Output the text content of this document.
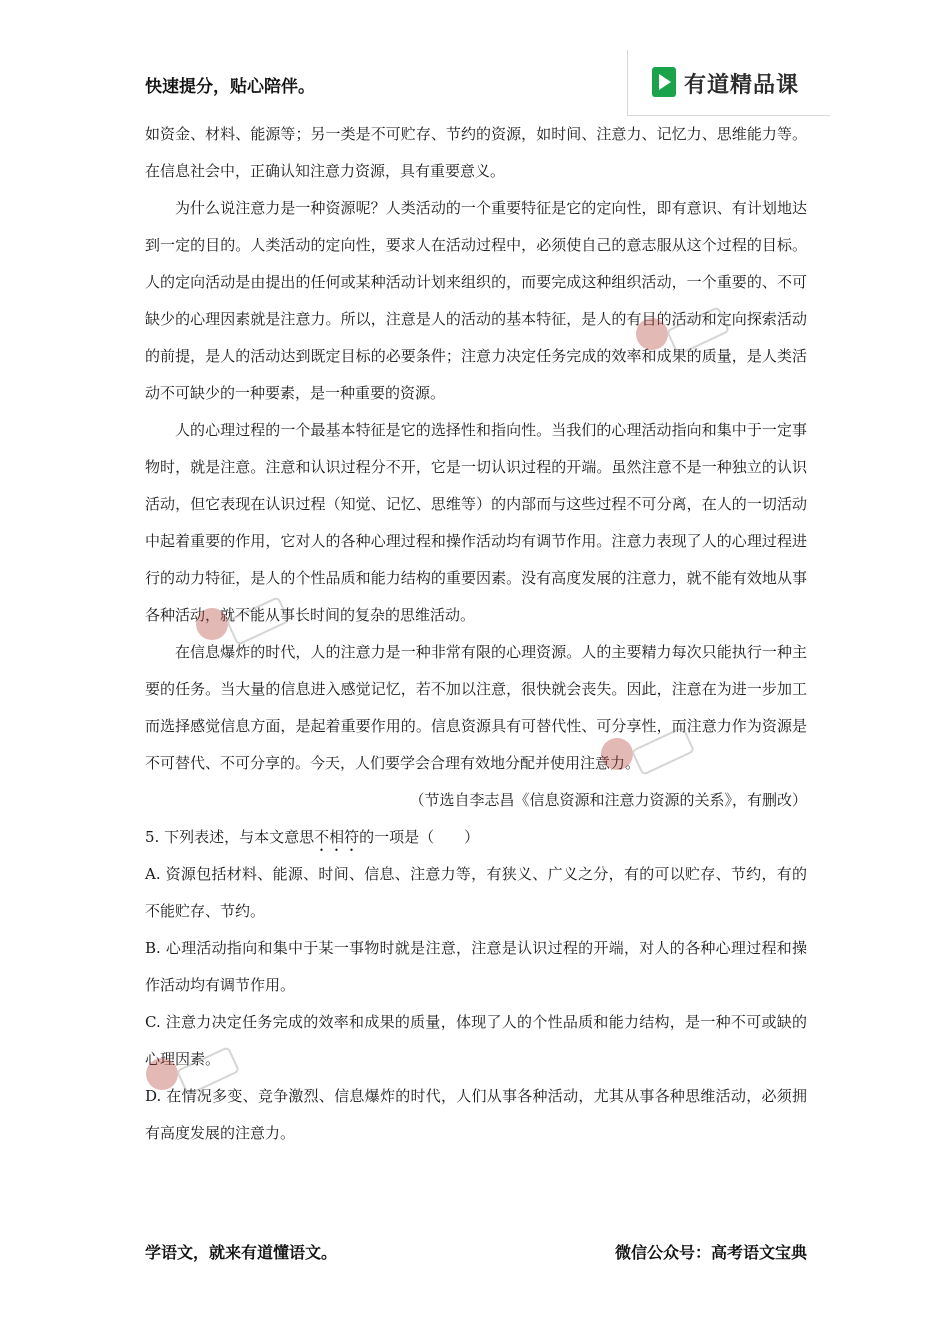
快速提分，贴心陪伴。	有道精品课

如资金、材料、能源等；另一类是不可贮存、节约的资源，如时间、注意力、记忆力、思维能力等。在信息社会中，正确认知注意力资源，具有重要意义。

为什么说注意力是一种资源呢？人类活动的一个重要特征是它的定向性，即有意识、有计划地达到一定的目的。人类活动的定向性，要求人在活动过程中，必须使自己的意志服从这个过程的目标。人的定向活动是由提出的任何或某种活动计划来组织的，而要完成这种组织活动，一个重要的、不可缺少的心理因素就是注意力。所以，注意是人的活动的基本特征，是人的有目的活动和定向探索活动的前提，是人的活动达到既定目标的必要条件；注意力决定任务完成的效率和成果的质量，是人类活动不可缺少的一种要素，是一种重要的资源。

人的心理过程的一个最基本特征是它的选择性和指向性。当我们的心理活动指向和集中于一定事物时，就是注意。注意和认识过程分不开，它是一切认识过程的开端。虽然注意不是一种独立的认识活动，但它表现在认识过程（知觉、记忆、思维等）的内部而与这些过程不可分离，在人的一切活动中起着重要的作用，它对人的各种心理过程和操作活动均有调节作用。注意力表现了人的心理过程进行的动力特征，是人的个性品质和能力结构的重要因素。没有高度发展的注意力，就不能有效地从事各种活动，就不能从事长时间的复杂的思维活动。

在信息爆炸的时代，人的注意力是一种非常有限的心理资源。人的主要精力每次只能执行一种主要的任务。当大量的信息进入感觉记忆，若不加以注意，很快就会丧失。因此，注意在为进一步加工而选择感觉信息方面，是起着重要作用的。信息资源具有可替代性、可分享性，而注意力作为资源是不可替代、不可分享的。今天，人们要学会合理有效地分配并使用注意力。

（节选自李志昌《信息资源和注意力资源的关系》，有删改）

5. 下列表述，与本文意思不相符的一项是（　　）

A. 资源包括材料、能源、时间、信息、注意力等，有狭义、广义之分，有的可以贮存、节约，有的不能贮存、节约。

B. 心理活动指向和集中于某一事物时就是注意，注意是认识过程的开端，对人的各种心理过程和操作活动均有调节作用。

C. 注意力决定任务完成的效率和成果的质量，体现了人的个性品质和能力结构，是一种不可或缺的心理因素。

D. 在情况多变、竞争激烈、信息爆炸的时代，人们从事各种活动，尤其从事各种思维活动，必须拥有高度发展的注意力。

学语文，就来有道懂语文。	微信公众号：高考语文宝典
